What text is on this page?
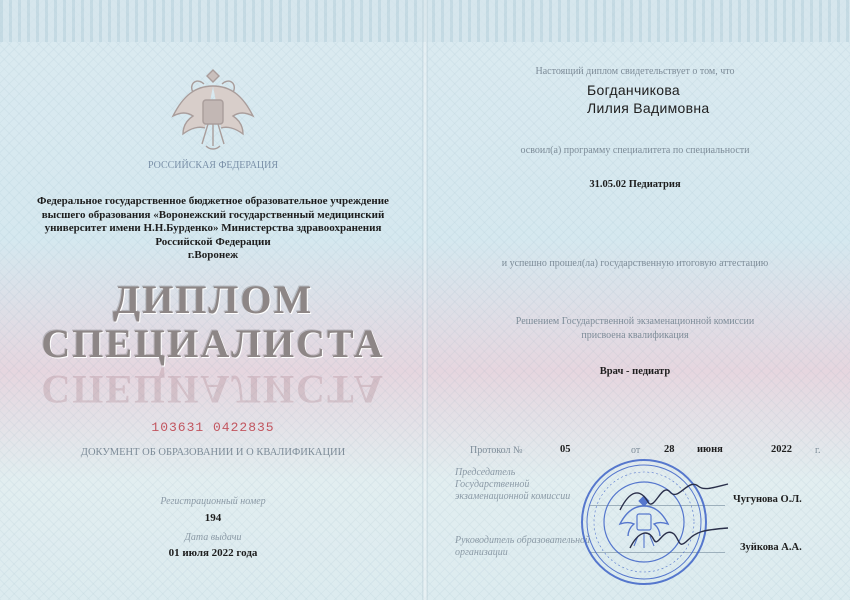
РОССИЙСКАЯ ФЕДЕРАЦИЯ
Федеральное государственное бюджетное образовательное учреждение
высшего образования «Воронежский государственный медицинский
университет имени Н.Н.Бурденко» Министерства здравоохранения
Российской Федерации
г.Воронеж
ДИПЛОМ
СПЕЦИАЛИСТА
СПЕЦИАЛИСТА
103631 0422835
ДОКУМЕНТ ОБ ОБРАЗОВАНИИ И О КВАЛИФИКАЦИИ
Регистрационный номер
194
Дата выдачи
01 июля 2022 года
Настоящий диплом свидетельствует о том, что
Богданчикова
Лилия Вадимовна
освоил(а) программу специалитета по специальности
31.05.02 Педиатрия
и успешно прошел(ла) государственную итоговую аттестацию
Решением Государственной экзаменационной комиссии
присвоена квалификация
Врач - педиатр
Протокол №	05	от 28 июня	2022 г.
Председатель
Государственной
экзаменационной комиссии	Чугунова О.Л.
Руководитель образовательной
организации	Зуйкова А.А.
